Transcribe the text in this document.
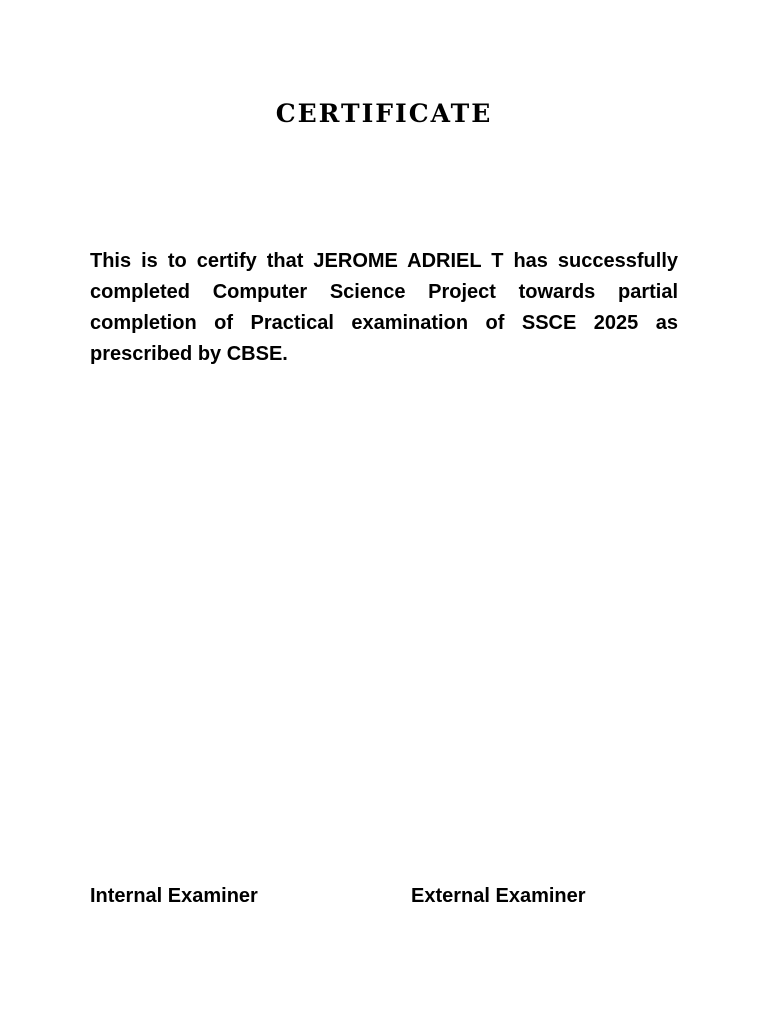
CERTIFICATE

This is to certify that JEROME ADRIEL T has successfully completed Computer Science Project towards partial completion of Practical examination of SSCE 2025 as prescribed by CBSE.

Internal Examiner	External Examiner
